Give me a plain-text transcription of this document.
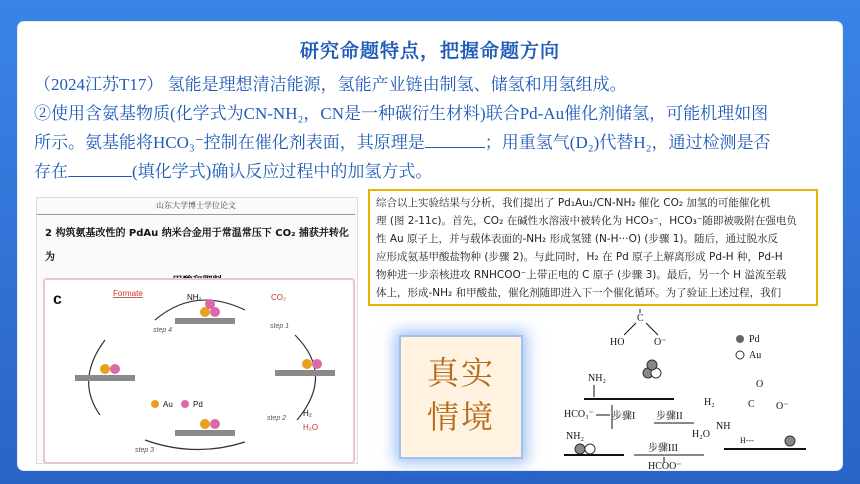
研究命题特点，把握命题方向
（2024江苏T17） 氢能是理想清洁能源，氢能产业链由制氢、储氢和用氢组成。
②使用含氨基物质(化学式为CN-NH₂，CN是一种碳衍生材料)联合Pd-Au催化剂储氢，可能机理如图
所示。氨基能将HCO₃⁻控制在催化剂表面，其原理是	；用重氢气(D₂)代替H₂，通过检测是否
存在	(填化学式)确认反应过程中的加氢方式。
山东大学博士学位论文
2 构筑氨基改性的 PdAu 纳米合金用于常温常压下 CO₂ 捕获并转化为
c	Formate	NH₂	CO₂
H₂
H₂O
step 1
step 2
step 3
step 4
Au	Pd
综合以上实验结果与分析，我们提出了 Pd₁Au₁/CN-NH₂ 催化 CO₂ 加氢的可能催化机
理 (图 2-11c)。首先，CO₂ 在碱性水溶液中被转化为 HCO₃⁻，HCO₃⁻随即被吸附在强电负
性 Au 原子上，并与载体表面的-NH₂ 形成氢键 (N-H···O) (步骤 1)。随后，通过脱水反
应形成氨基甲酸盐物种 (步骤 2)。与此同时，H₂ 在 Pd 原子上解离形成 Pd-H 种，Pd-H
物种进一步亲核进攻 RNHCOO⁻上带正电的 C 原子 (步骤 3)。最后，另一个 H 溢流至载
体上，形成-NH₂ 和甲酸盐，催化剂随即进入下一个催化循环。为了验证上述过程，我们
真实
情境
C
HO	O⁻	Pd
Au
NH₂
HCO₃⁻ 步骤I 步骤II
H₂
H₂O
NH
O
C O⁻
H---
NH₂
步骤III
HCOO⁻
